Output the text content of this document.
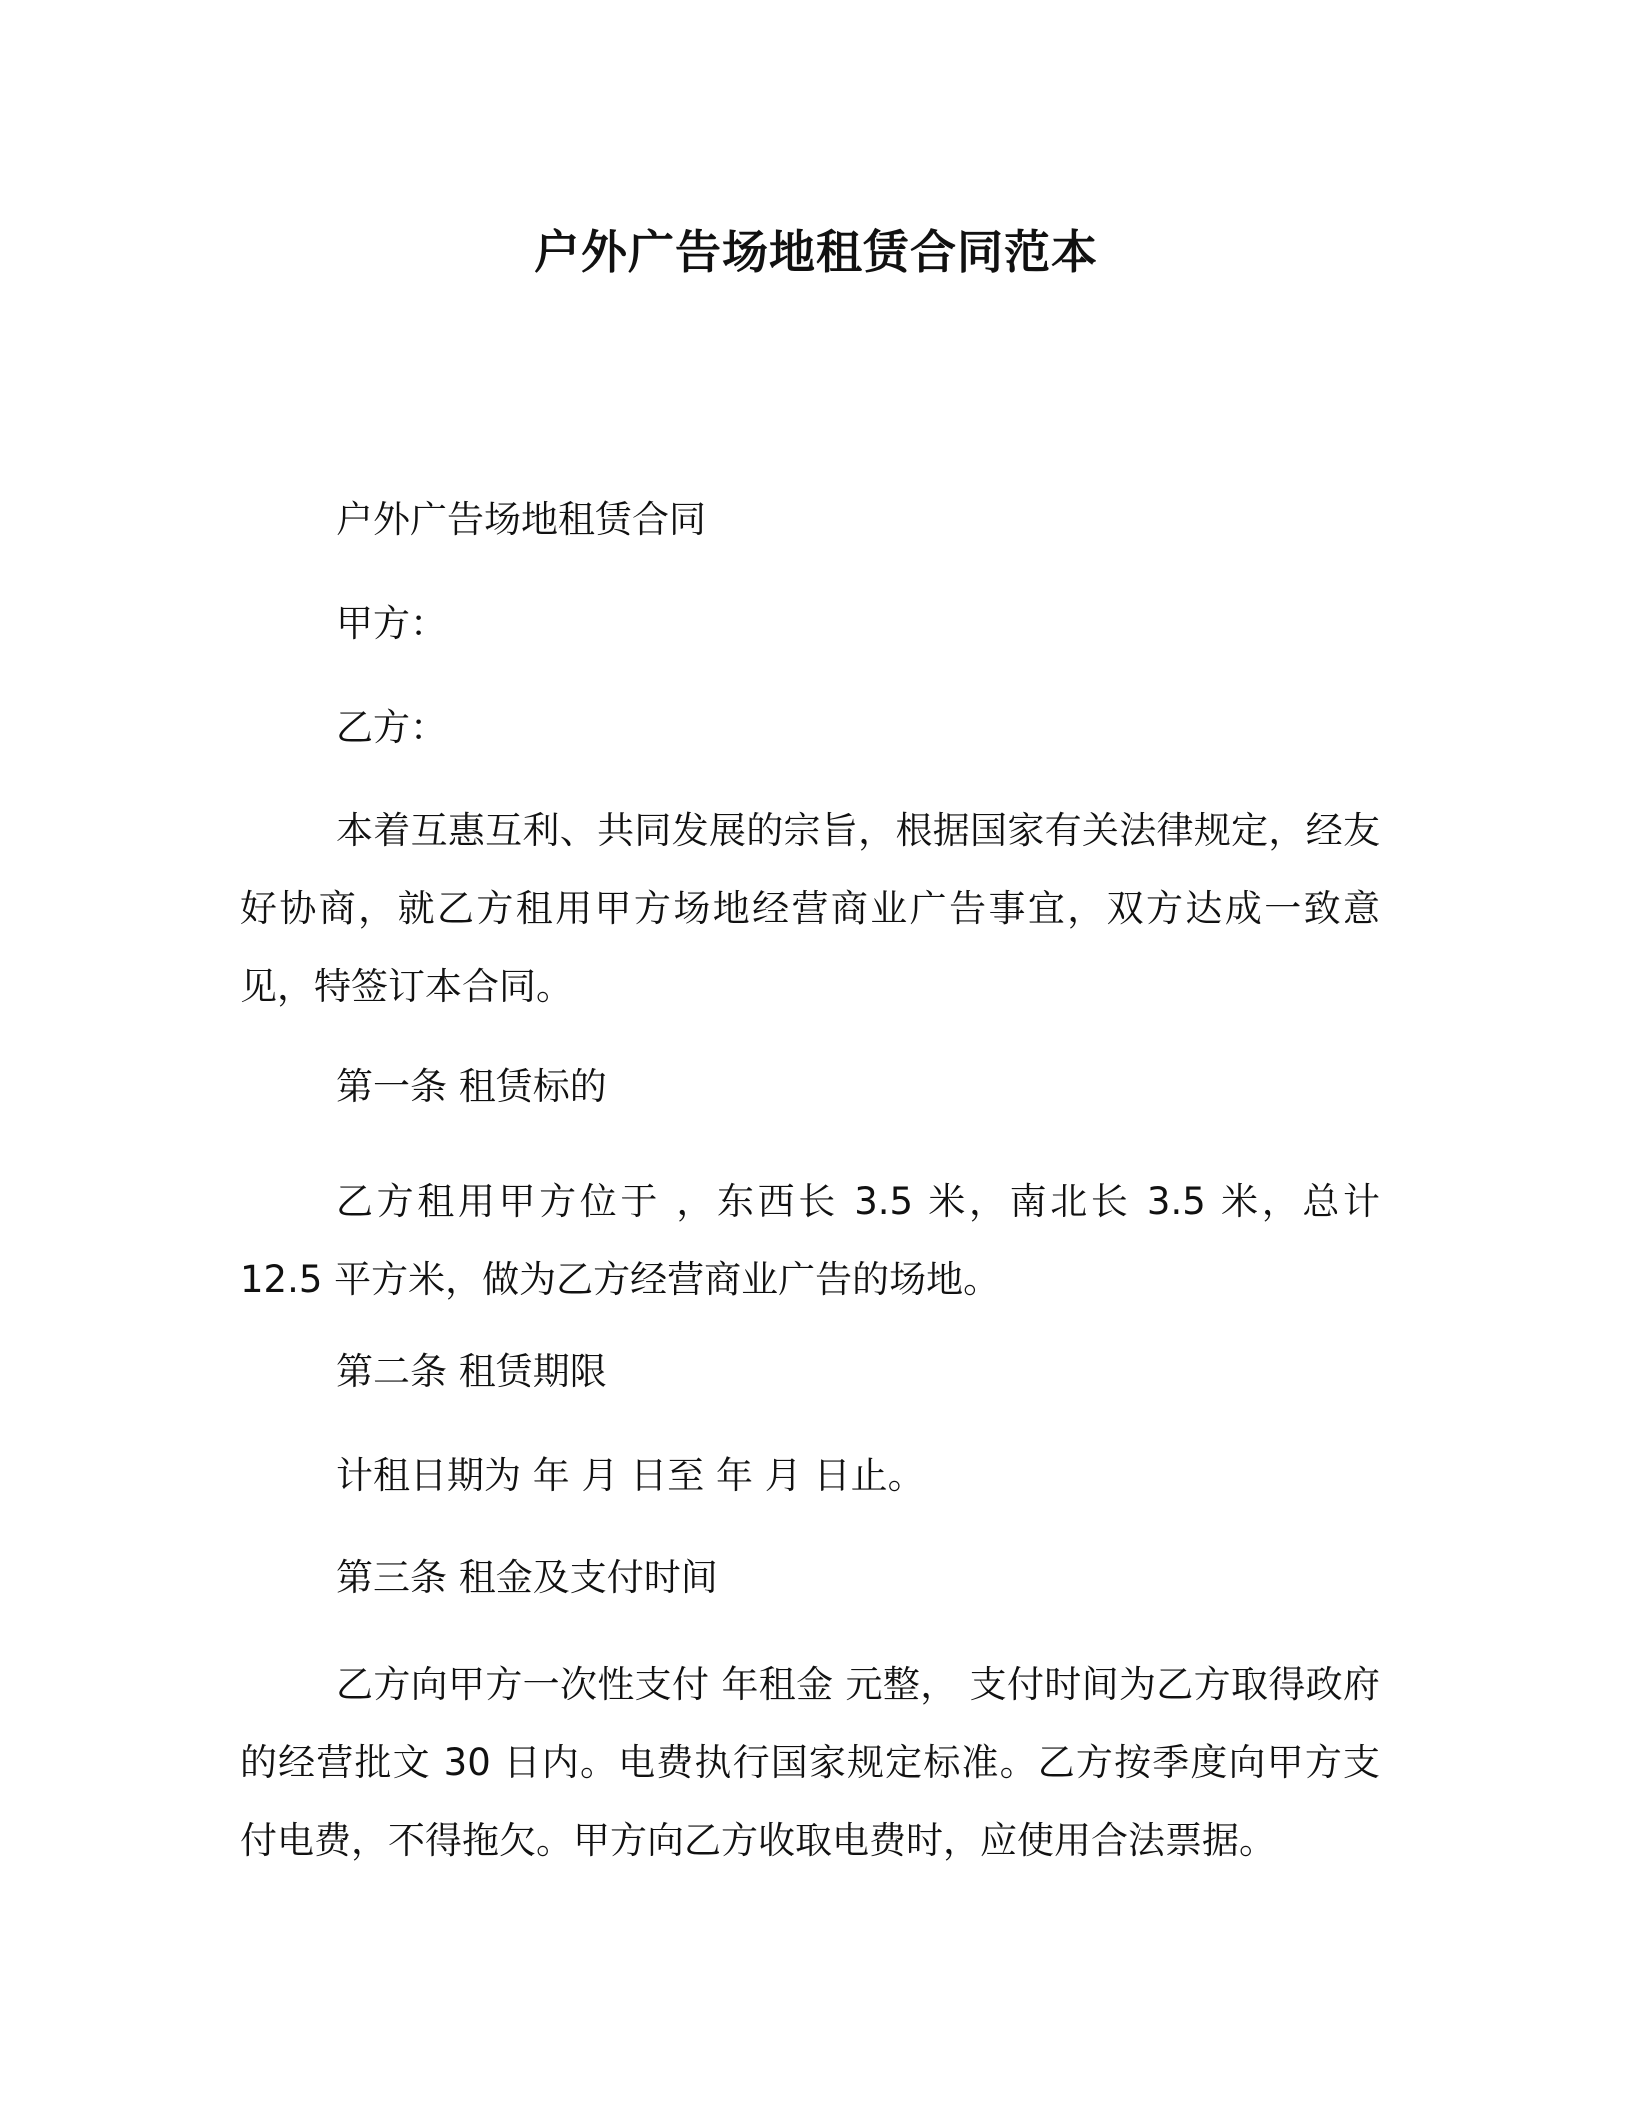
户外广告场地租赁合同范本

户外广告场地租赁合同

甲方：

乙方：

本着互惠互利、共同发展的宗旨，根据国家有关法律规定，经友好协商，就乙方租用甲方场地经营商业广告事宜，双方达成一致意见，特签订本合同。

第一条 租赁标的

乙方租用甲方位于 ，东西长 3.5 米，南北长 3.5 米，总计 12.5 平方米，做为乙方经营商业广告的场地。

第二条 租赁期限

计租日期为 年 月 日至 年 月 日止。

第三条 租金及支付时间

乙方向甲方一次性支付 年租金 元整， 支付时间为乙方取得政府的经营批文 30 日内。电费执行国家规定标准。乙方按季度向甲方支付电费，不得拖欠。甲方向乙方收取电费时，应使用合法票据。
